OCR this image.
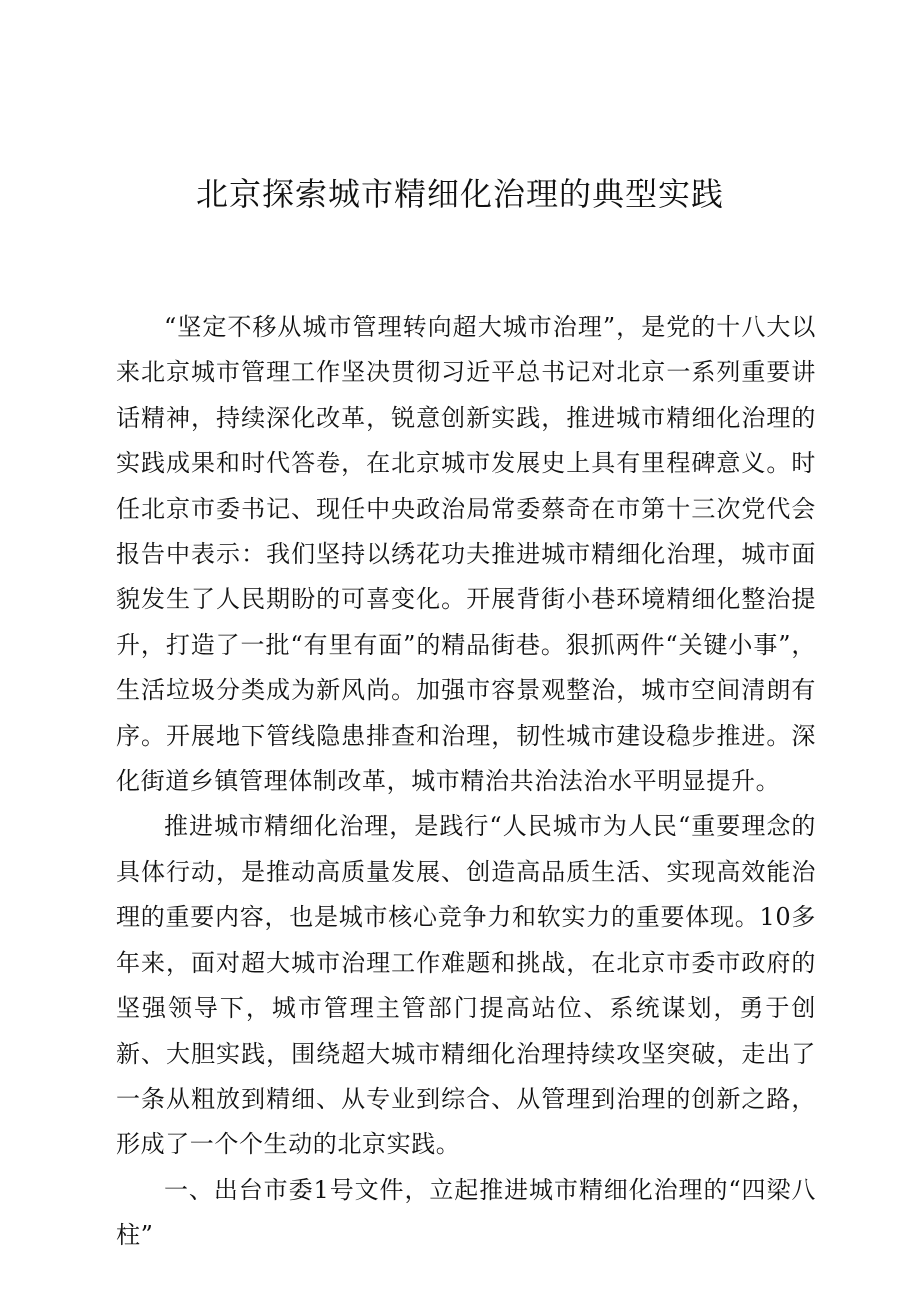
北京探索城市精细化治理的典型实践

“坚定不移从城市管理转向超大城市治理”，是党的十八大以来北京城市管理工作坚决贯彻习近平总书记对北京一系列重要讲话精神，持续深化改革，锐意创新实践，推进城市精细化治理的实践成果和时代答卷，在北京城市发展史上具有里程碑意义。时任北京市委书记、现任中央政治局常委蔡奇在市第十三次党代会报告中表示：我们坚持以绣花功夫推进城市精细化治理，城市面貌发生了人民期盼的可喜变化。开展背街小巷环境精细化整治提升，打造了一批“有里有面”的精品街巷。狠抓两件“关键小事”，生活垃圾分类成为新风尚。加强市容景观整治，城市空间清朗有序。开展地下管线隐患排查和治理，韧性城市建设稳步推进。深化街道乡镇管理体制改革，城市精治共治法治水平明显提升。

推进城市精细化治理，是践行“人民城市为人民“重要理念的具体行动，是推动高质量发展、创造高品质生活、实现高效能治理的重要内容，也是城市核心竞争力和软实力的重要体现。10多年来，面对超大城市治理工作难题和挑战，在北京市委市政府的坚强领导下，城市管理主管部门提高站位、系统谋划，勇于创新、大胆实践，围绕超大城市精细化治理持续攻坚突破，走出了一条从粗放到精细、从专业到综合、从管理到治理的创新之路，形成了一个个生动的北京实践。

一、出台市委1号文件，立起推进城市精细化治理的“四梁八柱”
